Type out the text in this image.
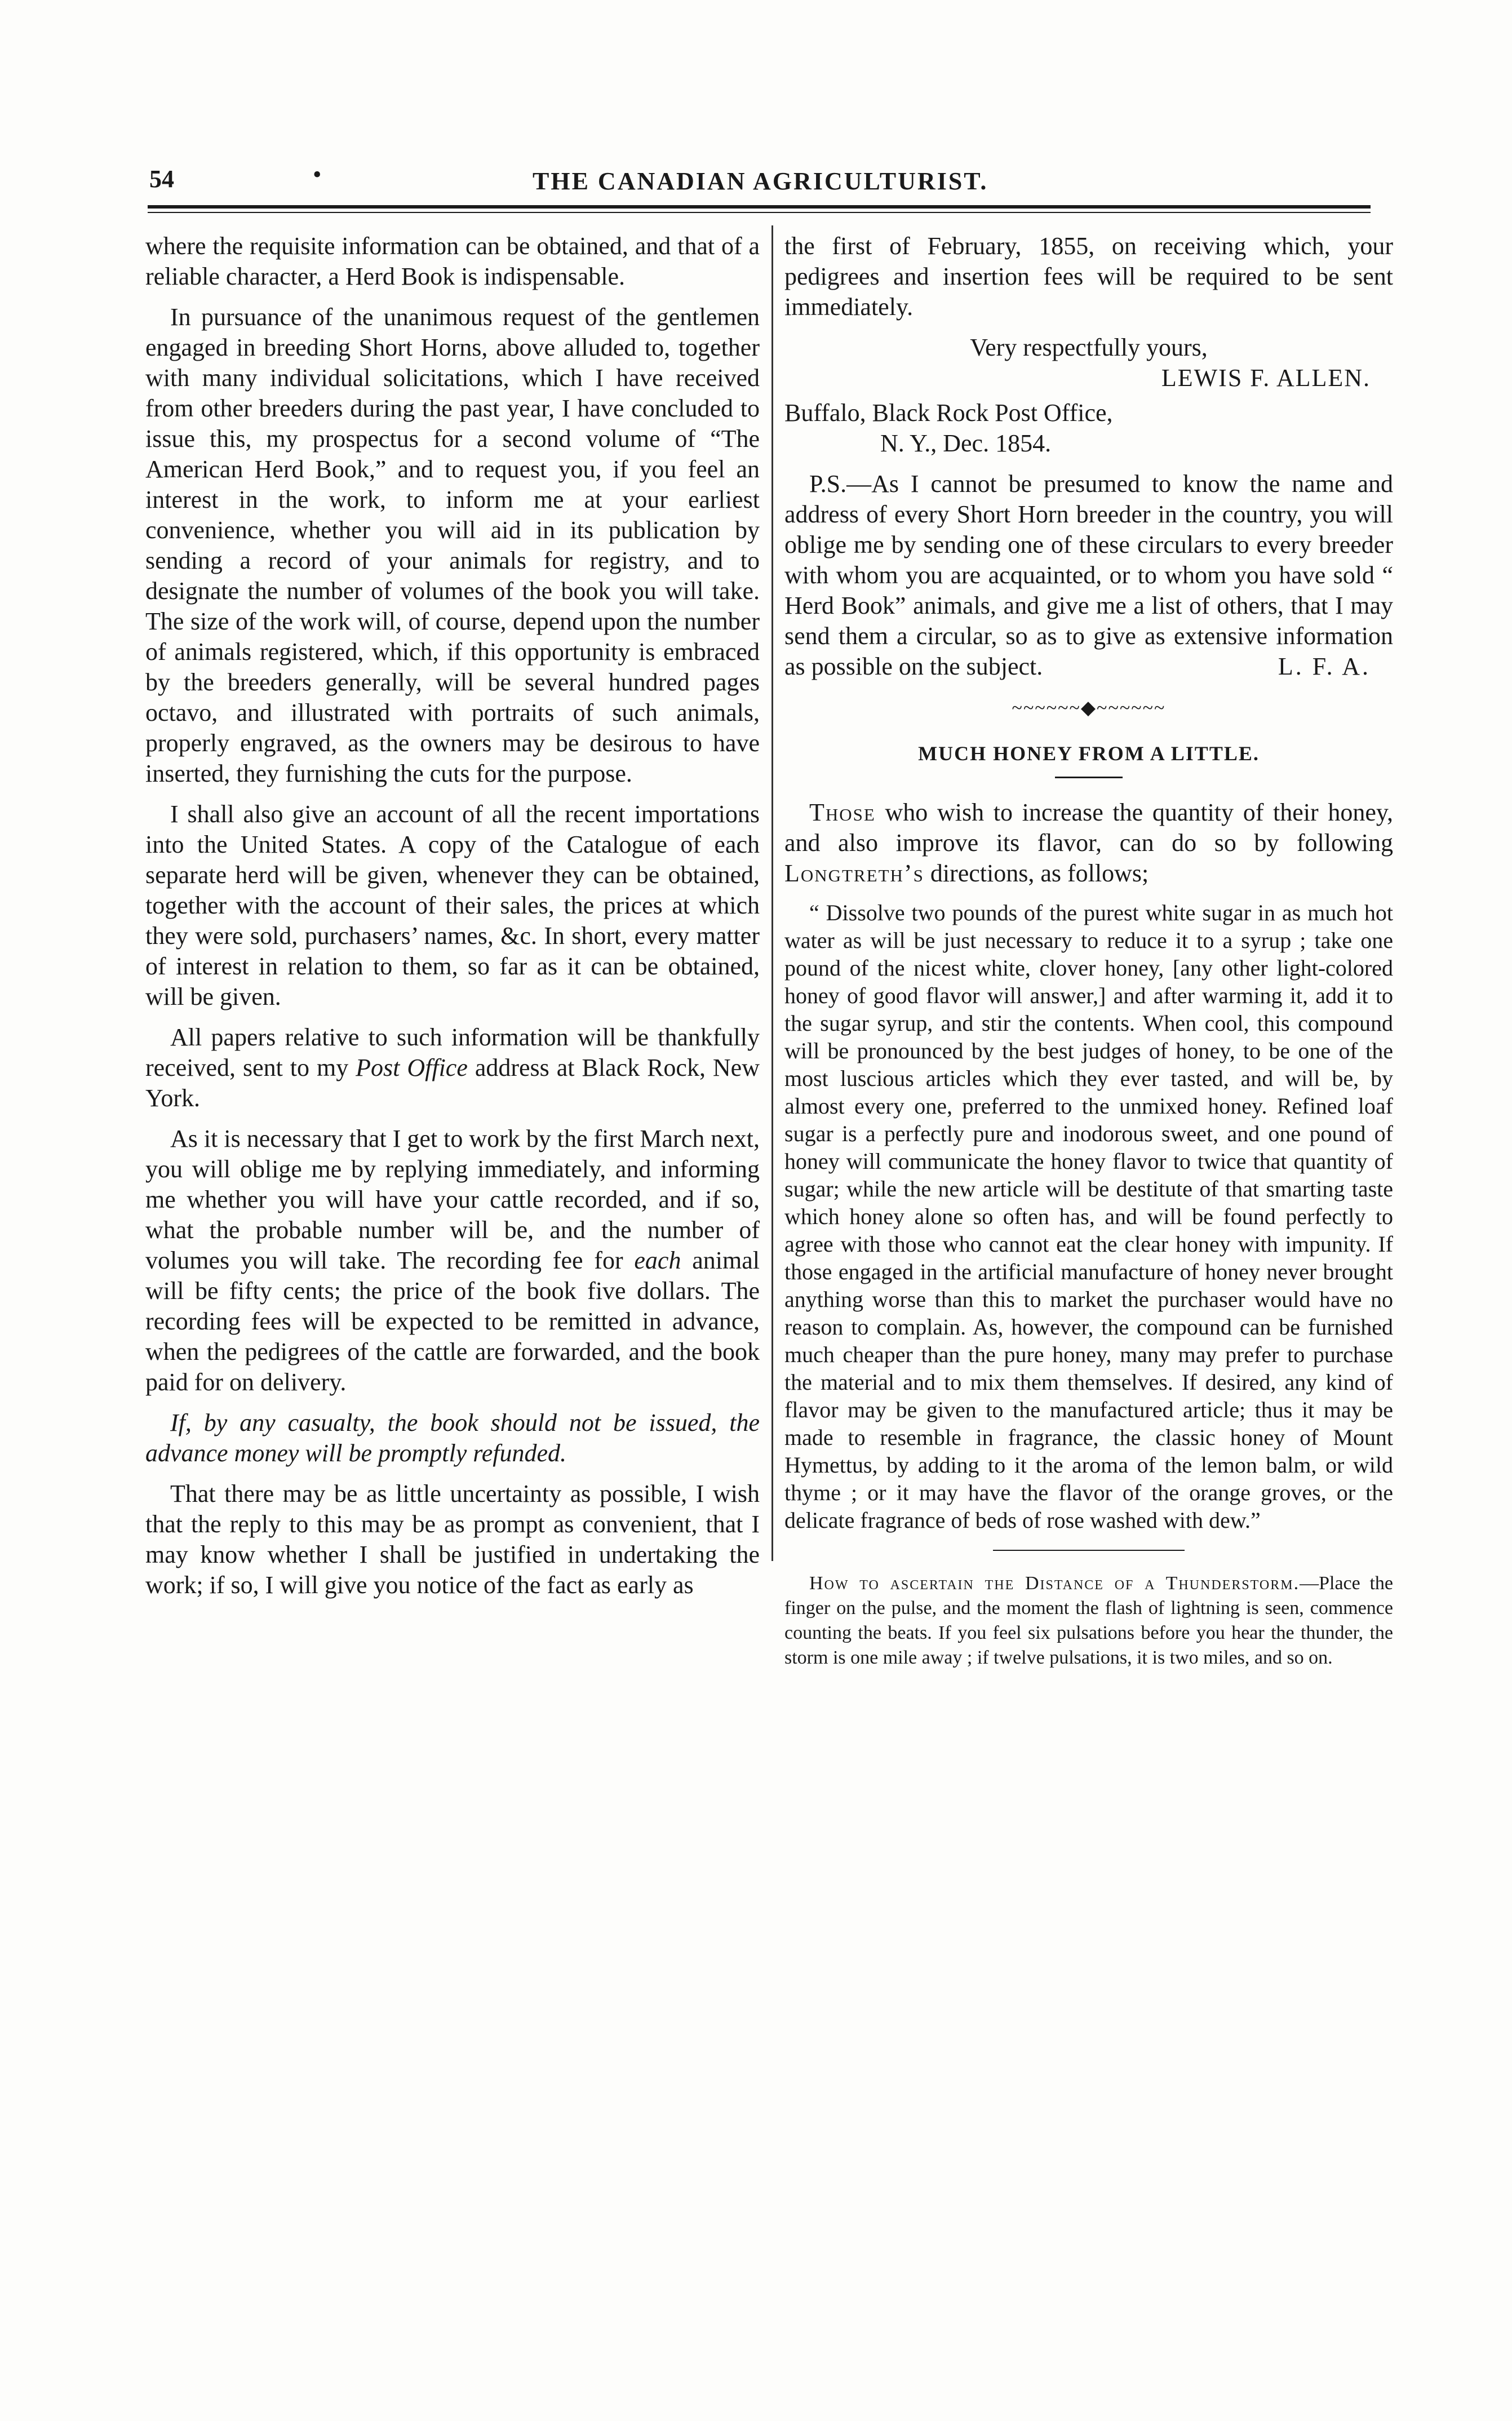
54	•	THE CANADIAN AGRICULTURIST.

where the requisite information can be obtained, and that of a reliable character, a Herd Book is indispensable.

In pursuance of the unanimous request of the gentlemen engaged in breeding Short Horns, above alluded to, together with many individual solicitations, which I have received from other breeders during the past year, I have concluded to issue this, my prospectus for a second volume of “The American Herd Book,” and to request you, if you feel an interest in the work, to inform me at your earliest convenience, whether you will aid in its publication by sending a record of your animals for registry, and to designate the number of volumes of the book you will take. The size of the work will, of course, depend upon the number of animals registered, which, if this opportunity is embraced by the breeders generally, will be several hundred pages octavo, and illustrated with portraits of such animals, properly engraved, as the owners may be desirous to have inserted, they furnishing the cuts for the purpose.

I shall also give an account of all the recent importations into the United States. A copy of the Catalogue of each separate herd will be given, whenever they can be obtained, together with the account of their sales, the prices at which they were sold, purchasers’ names, &c. In short, every matter of interest in relation to them, so far as it can be obtained, will be given.

All papers relative to such information will be thankfully received, sent to my Post Office address at Black Rock, New York.

As it is necessary that I get to work by the first March next, you will oblige me by replying immediately, and informing me whether you will have your cattle recorded, and if so, what the probable number will be, and the number of volumes you will take. The recording fee for each animal will be fifty cents; the price of the book five dollars. The recording fees will be expected to be remitted in advance, when the pedigrees of the cattle are forwarded, and the book paid for on delivery.

If, by any casualty, the book should not be issued, the advance money will be promptly refunded.

That there may be as little uncertainty as possible, I wish that the reply to this may be as prompt as convenient, that I may know whether I shall be justified in undertaking the work; if so, I will give you notice of the fact as early as

the first of February, 1855, on receiving which, your pedigrees and insertion fees will be required to be sent immediately.

Very respectfully yours,

LEWIS F. ALLEN.

Buffalo, Black Rock Post Office,

N. Y., Dec. 1854.

P.S.—As I cannot be presumed to know the name and address of every Short Horn breeder in the country, you will oblige me by sending one of these circulars to every breeder with whom you are acquainted, or to whom you have sold “ Herd Book” animals, and give me a list of others, that I may send them a circular, so as to give as extensive information as possible on the subject.	L. F. A.

~~~~~~◆~~~~~~
MUCH HONEY FROM A LITTLE.

Those who wish to increase the quantity of their honey, and also improve its flavor, can do so by following Longtreth’s directions, as follows;

“ Dissolve two pounds of the purest white sugar in as much hot water as will be just necessary to reduce it to a syrup ; take one pound of the nicest white, clover honey, [any other light-colored honey of good flavor will answer,] and after warming it, add it to the sugar syrup, and stir the contents. When cool, this compound will be pronounced by the best judges of honey, to be one of the most luscious articles which they ever tasted, and will be, by almost every one, preferred to the unmixed honey. Refined loaf sugar is a perfectly pure and inodorous sweet, and one pound of honey will communicate the honey flavor to twice that quantity of sugar; while the new article will be destitute of that smarting taste which honey alone so often has, and will be found perfectly to agree with those who cannot eat the clear honey with impunity. If those engaged in the artificial manufacture of honey never brought anything worse than this to market the purchaser would have no reason to complain. As, however, the compound can be furnished much cheaper than the pure honey, many may prefer to purchase the material and to mix them themselves. If desired, any kind of flavor may be given to the manufactured article; thus it may be made to resemble in fragrance, the classic honey of Mount Hymettus, by adding to it the aroma of the lemon balm, or wild thyme ; or it may have the flavor of the orange groves, or the delicate fragrance of beds of rose washed with dew.”

How to ascertain the Distance of a Thunderstorm.—Place the finger on the pulse, and the moment the flash of lightning is seen, commence counting the beats. If you feel six pulsations before you hear the thunder, the storm is one mile away ; if twelve pulsations, it is two miles, and so on.
